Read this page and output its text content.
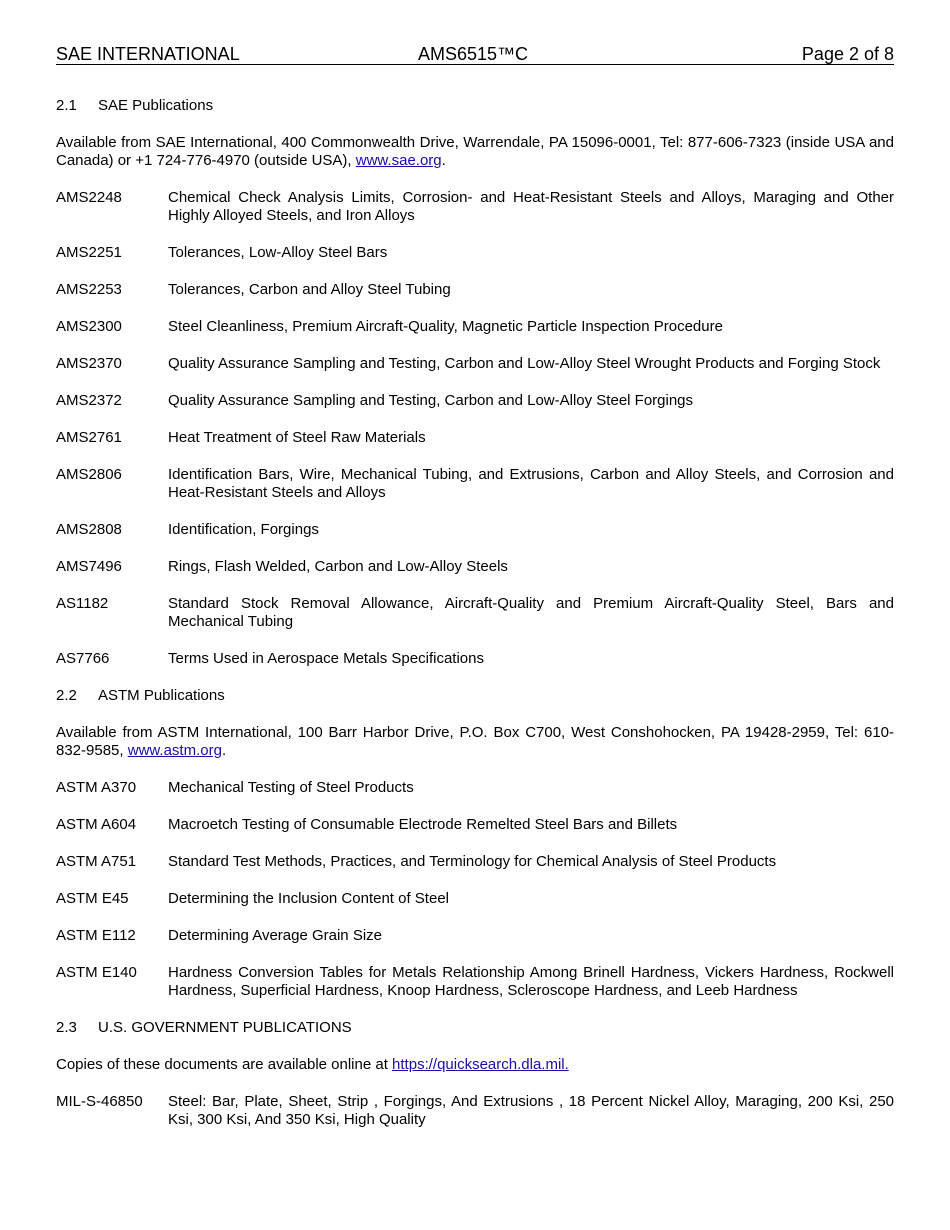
SAE INTERNATIONAL	AMS6515™C	Page 2 of 8
2.1	SAE Publications

Available from SAE International, 400 Commonwealth Drive, Warrendale, PA 15096-0001, Tel: 877-606-7323 (inside USA and Canada) or +1 724-776-4970 (outside USA), www.sae.org.

AMS2248	Chemical Check Analysis Limits, Corrosion- and Heat-Resistant Steels and Alloys, Maraging and Other Highly Alloyed Steels, and Iron Alloys
AMS2251	Tolerances, Low-Alloy Steel Bars
AMS2253	Tolerances, Carbon and Alloy Steel Tubing
AMS2300	Steel Cleanliness, Premium Aircraft-Quality, Magnetic Particle Inspection Procedure
AMS2370	Quality Assurance Sampling and Testing, Carbon and Low-Alloy Steel Wrought Products and Forging Stock
AMS2372	Quality Assurance Sampling and Testing, Carbon and Low-Alloy Steel Forgings
AMS2761	Heat Treatment of Steel Raw Materials
AMS2806	Identification Bars, Wire, Mechanical Tubing, and Extrusions, Carbon and Alloy Steels, and Corrosion and Heat-Resistant Steels and Alloys
AMS2808	Identification, Forgings
AMS7496	Rings, Flash Welded, Carbon and Low-Alloy Steels
AS1182	Standard Stock Removal Allowance, Aircraft-Quality and Premium Aircraft-Quality Steel, Bars and Mechanical Tubing
AS7766	Terms Used in Aerospace Metals Specifications
2.2	ASTM Publications

Available from ASTM International, 100 Barr Harbor Drive, P.O. Box C700, West Conshohocken, PA 19428-2959, Tel: 610-832-9585, www.astm.org.

ASTM A370	Mechanical Testing of Steel Products
ASTM A604	Macroetch Testing of Consumable Electrode Remelted Steel Bars and Billets
ASTM A751	Standard Test Methods, Practices, and Terminology for Chemical Analysis of Steel Products
ASTM E45	Determining the Inclusion Content of Steel
ASTM E112	Determining Average Grain Size
ASTM E140	Hardness Conversion Tables for Metals Relationship Among Brinell Hardness, Vickers Hardness, Rockwell Hardness, Superficial Hardness, Knoop Hardness, Scleroscope Hardness, and Leeb Hardness
2.3	U.S. GOVERNMENT PUBLICATIONS

Copies of these documents are available online at https://quicksearch.dla.mil.

MIL-S-46850	Steel: Bar, Plate, Sheet, Strip , Forgings, And Extrusions , 18 Percent Nickel Alloy, Maraging, 200 Ksi, 250 Ksi, 300 Ksi, And 350 Ksi, High Quality
